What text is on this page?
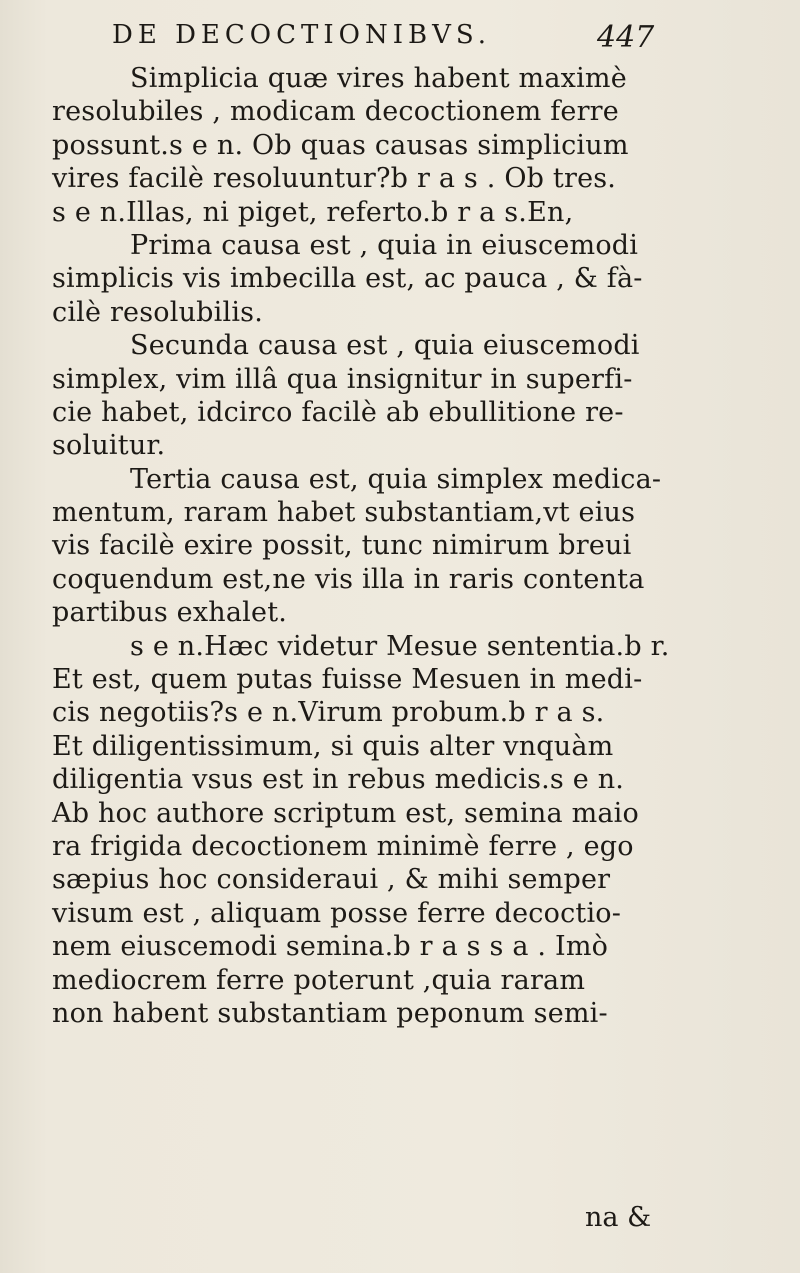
DE DECOCTIONIBVS.	447
Simplicia quæ vires habent maximè
resolubiles , modicam decoctionem ferre
possunt.s e n. Ob quas causas simplicium
vires facilè resoluuntur?b r a s . Ob tres.
s e n.Illas, ni piget, referto.b r a s.En,
Prima causa est , quia in eiuscemodi
simplicis vis imbecilla est, ac pauca , & fà-
cilè resolubilis.
Secunda causa est , quia eiuscemodi
simplex, vim illâ qua insignitur in superfi-
cie habet, idcirco facilè ab ebullitione re-
soluitur.
Tertia causa est, quia simplex medica-
mentum, raram habet substantiam,vt eius
vis facilè exire possit, tunc nimirum breui
coquendum est,ne vis illa in raris contenta
partibus exhalet.
s e n.Hæc videtur Mesue sententia.b r.
Et est, quem putas fuisse Mesuen in medi-
cis negotiis?s e n.Virum probum.b r a s.
Et diligentissimum, si quis alter vnquàm
diligentia vsus est in rebus medicis.s e n.
Ab hoc authore scriptum est, semina maio
ra frigida decoctionem minimè ferre , ego
sæpius hoc consideraui , & mihi semper
visum est , aliquam posse ferre decoctio-
nem eiuscemodi semina.b r a s s a . Imò
mediocrem ferre poterunt ,quia raram
non habent substantiam peponum semi-
na &
